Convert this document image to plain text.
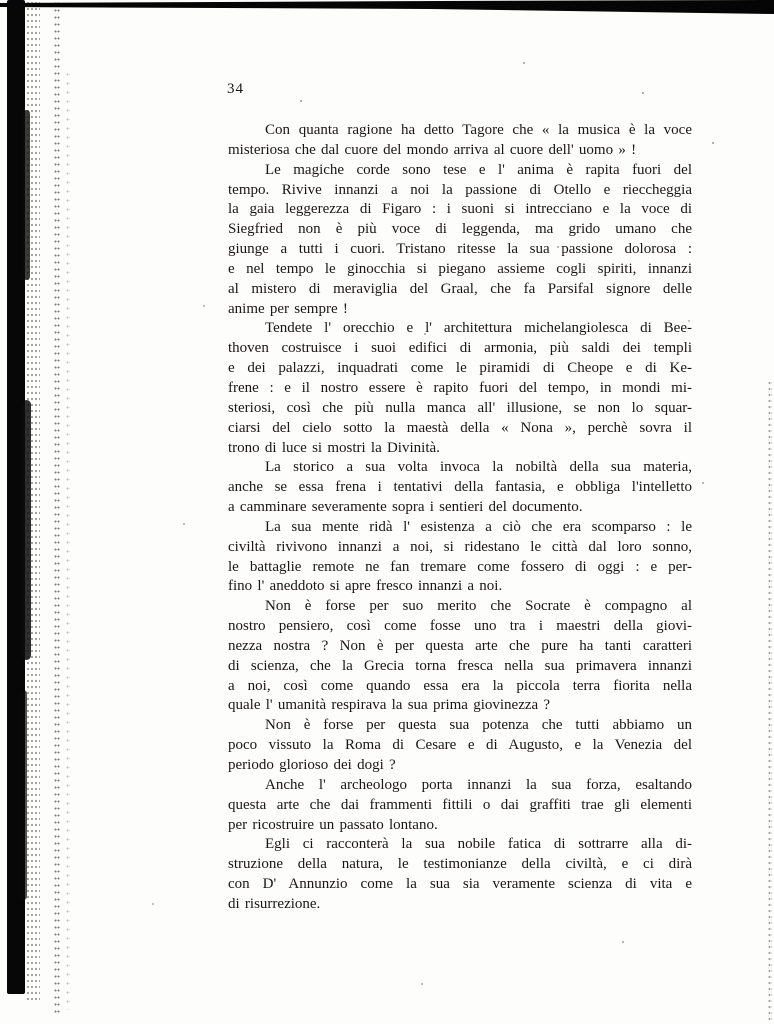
34
Con quanta ragione ha detto Tagore che « la musica è la voce
misteriosa che dal cuore del mondo arriva al cuore dell' uomo » !
Le magiche corde sono tese e l' anima è rapita fuori del
tempo. Rivive innanzi a noi la passione di Otello e rieccheggia
la gaia leggerezza di Figaro : i suoni si intrecciano e la voce di
Siegfried non è più voce di leggenda, ma grido umano che
giunge a tutti i cuori. Tristano ritesse la sua passione dolorosa :
e nel tempo le ginocchia si piegano assieme cogli spiriti, innanzi
al mistero di meraviglia del Graal, che fa Parsifal signore delle
anime per sempre !
Tendete l' orecchio e l' architettura michelangiolesca di Bee-
thoven costruisce i suoi edifici di armonia, più saldi dei templi
e dei palazzi, inquadrati come le piramidi di Cheope e di Ke-
frene : e il nostro essere è rapito fuori del tempo, in mondi mi-
steriosi, così che più nulla manca all' illusione, se non lo squar-
ciarsi del cielo sotto la maestà della « Nona », perchè sovra il
trono di luce si mostri la Divinità.
La storico a sua volta invoca la nobiltà della sua materia,
anche se essa frena i tentativi della fantasia, e obbliga l'intelletto
a camminare severamente sopra i sentieri del documento.
La sua mente ridà l' esistenza a ciò che era scomparso : le
civiltà rivivono innanzi a noi, si ridestano le città dal loro sonno,
le battaglie remote ne fan tremare come fossero di oggi : e per-
fino l' aneddoto si apre fresco innanzi a noi.
Non è forse per suo merito che Socrate è compagno al
nostro pensiero, così come fosse uno tra i maestri della giovi-
nezza nostra ? Non è per questa arte che pure ha tanti caratteri
di scienza, che la Grecia torna fresca nella sua primavera innanzi
a noi, così come quando essa era la piccola terra fiorita nella
quale l' umanità respirava la sua prima giovinezza ?
Non è forse per questa sua potenza che tutti abbiamo un
poco vissuto la Roma di Cesare e di Augusto, e la Venezia del
periodo glorioso dei dogi ?
Anche l' archeologo porta innanzi la sua forza, esaltando
questa arte che dai frammenti fittili o dai graffiti trae gli elementi
per ricostruire un passato lontano.
Egli ci racconterà la sua nobile fatica di sottrarre alla di-
struzione della natura, le testimonianze della civiltà, e ci dirà
con D' Annunzio come la sua sia veramente scienza di vita e
di risurrezione.
